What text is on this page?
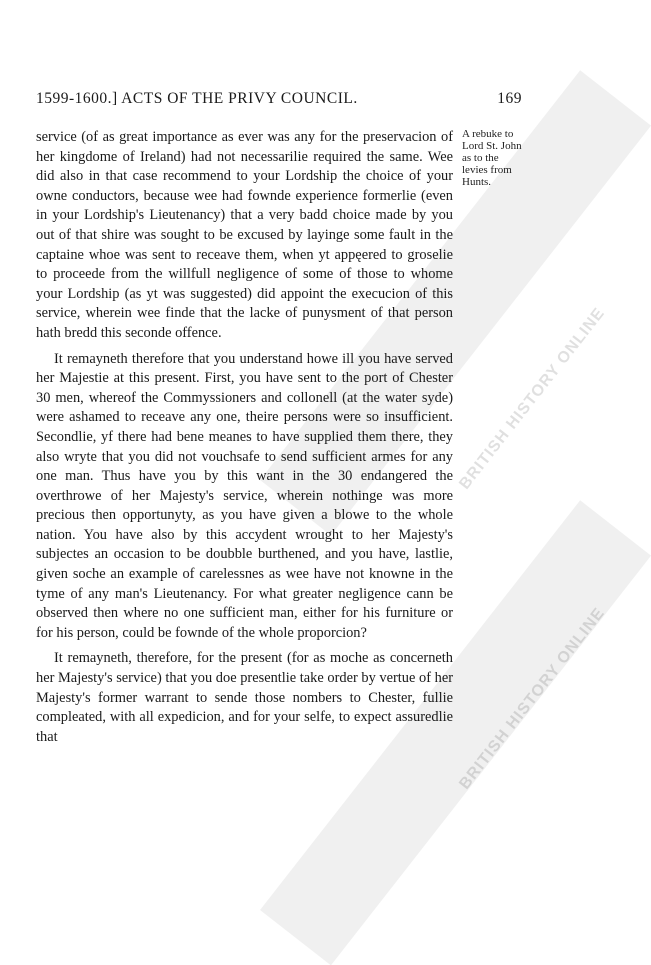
BRITISH HISTORY ONLINE
BRITISH HISTORY ONLINE
1599-1600.] ACTS OF THE PRIVY COUNCIL.	169

service (of as great importance as ever was any for the preservacion of her kingdome of Ireland) had not necessarilie required the same. Wee did also in that case recommend to your Lordship the choice of your owne conductors, because wee had fownde experience formerlie (even in your Lordship's Lieutenancy) that a very badd choice made by you out of that shire was sought to be excused by layinge some fault in the captaine whoe was sent to receave them, when yt appęered to groselie to proceede from the willfull negligence of some of those to whome your Lordship (as yt was suggested) did appoint the execucion of this service, wherein wee finde that the lacke of punysment of that person hath bredd this seconde offence.

It remayneth therefore that you understand howe ill you have served her Majestie at this present. First, you have sent to the port of Chester 30 men, whereof the Commyssioners and collonell (at the water syde) were ashamed to receave any one, theire persons were so insufficient. Secondlie, yf there had bene meanes to have supplied them there, they also wryte that you did not vouchsafe to send sufficient armes for any one man. Thus have you by this want in the 30 endangered the overthrowe of her Majesty's service, wherein nothinge was more precious then opportunyty, as you have given a blowe to the whole nation. You have also by this accydent wrought to her Majesty's subjectes an occasion to be doubble burthened, and you have, lastlie, given soche an example of carelessnes as wee have not knowne in the tyme of any man's Lieutenancy. For what greater negligence cann be observed then where no one sufficient man, either for his furniture or for his person, could be fownde of the whole proporcion?

It remayneth, therefore, for the present (for as moche as concerneth her Majesty's service) that you doe presentlie take order by vertue of her Majesty's former warrant to sende those nombers to Chester, fullie compleated, with all expedicion, and for your selfe, to expect assuredlie that

A rebuke to
Lord St. John
as to the
levies from
Hunts.
